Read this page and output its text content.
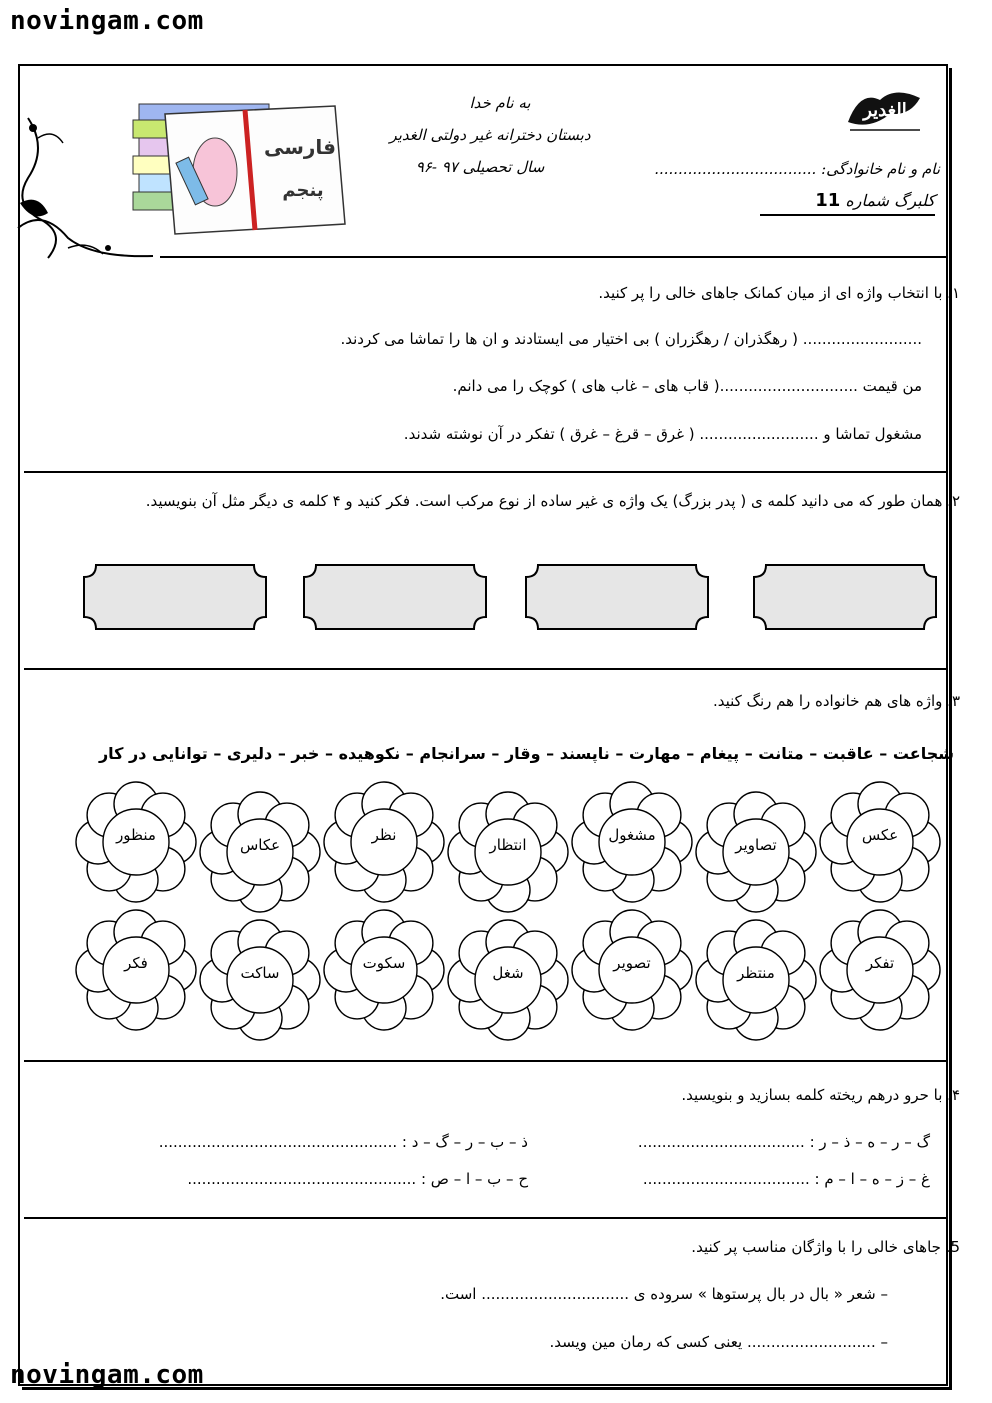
novingam.com
novingam.com
به نام خدا
دبستان دخترانه غیر دولتی الغدیر
سال تحصیلی ۹۷ -۹۶
الغدیر
نام و نام خانوادگی: ..................................
کلبرگ شماره 11
فارسی
پنجم
۱. با انتخاب واژه ای از میان کمانک جاهای خالی را پر کنید.
......................... ( رهگذران / رهگزران ) بی اختیار می ایستادند و ان ها را تماشا می کردند.
من قیمت .............................( قاب های – غاب های ) کوچک را می دانم.
مشغول تماشا و ......................... ( غرق – قرغ – غرق ) تفکر در آن نوشته شدند.
۲. همان طور که می دانید کلمه ی ( پدر بزرگ) یک واژه ی غیر ساده از نوع مرکب است. فکر کنید و ۴ کلمه ی دیگر مثل آن بنویسید.
۳. واژه های هم خانواده را هم رنگ کنید.
شجاعت – عاقبت – متانت – پیغام – مهارت – ناپسند – وقار – سرانجام – نکوهیده – خبر – دلیری – توانایی در کار
عکس
تصاویر
مشغول
انتظار
نظر
عکاس
منظور
تفکر
منتظر
تصویر
شغل
سکوت
ساکت
فکر
۴. با حرو درهم ریخته کلمه بسازید و بنویسید.
گ – ر – ه – ذ – ر : ...................................
ذ – ب – ر – گ – د : ..................................................
غ – ز – ه – ا – م : ...................................
ح – ب – ا – ص : ................................................
5. جاهای خالی را با واژگان مناسب پر کنید.
– شعر « بال در بال پرستوها » سروده ی ............................... است.
– ........................... یعنی کسی که رمان مین ویسد.
